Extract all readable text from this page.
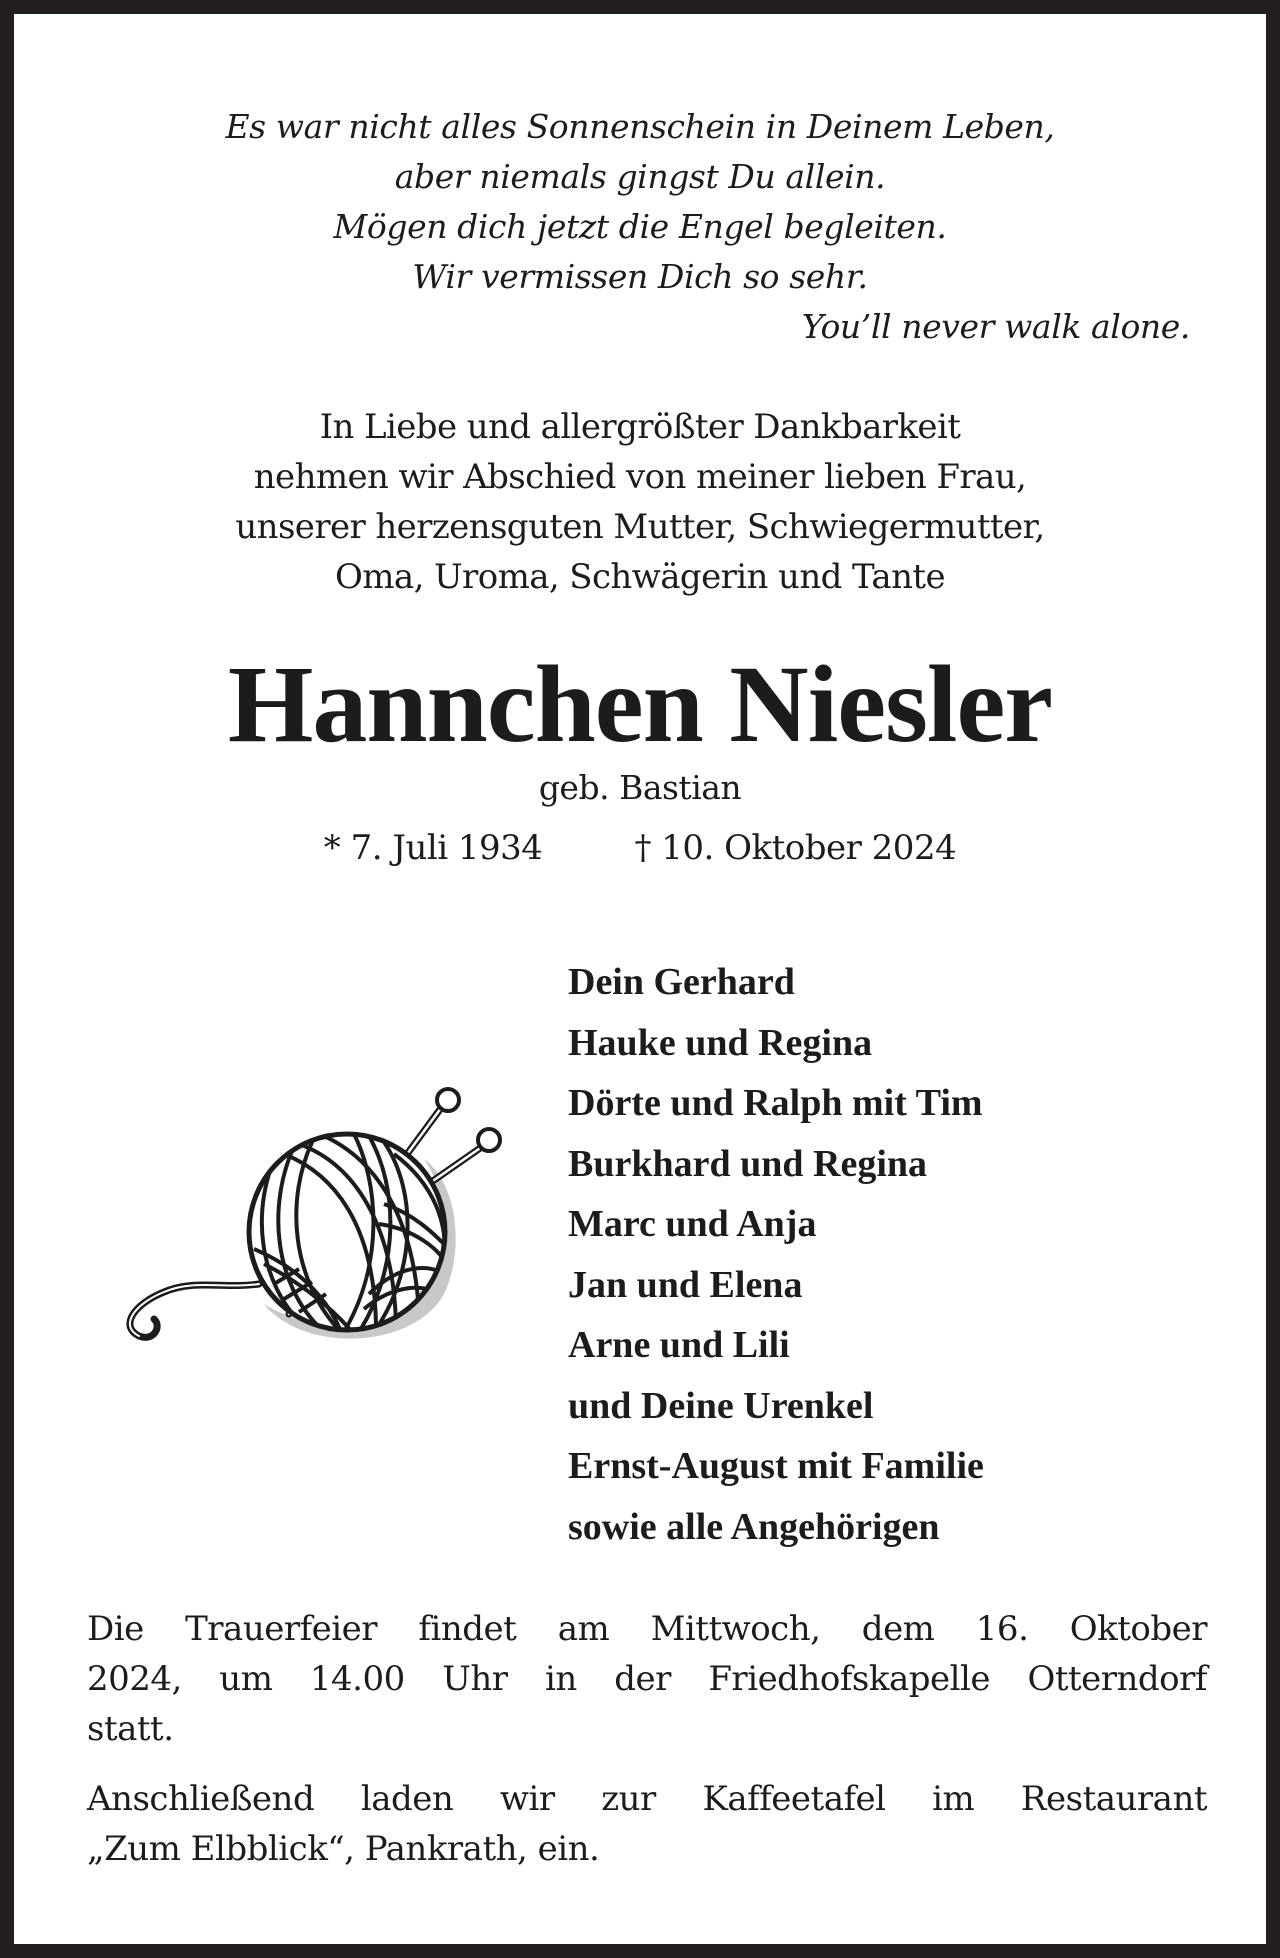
Es war nicht alles Sonnenschein in Deinem Leben,
aber niemals gingst Du allein.
Mögen dich jetzt die Engel begleiten.
Wir vermissen Dich so sehr.
You’ll never walk alone.
In Liebe und allergrößter Dankbarkeit
nehmen wir Abschied von meiner lieben Frau,
unserer herzensguten Mutter, Schwiegermutter,
Oma, Uroma, Schwägerin und Tante
Hannchen Niesler
geb. Bastian
* 7. Juli 1934	† 10. Oktober 2024
Dein Gerhard
Hauke und Regina
Dörte und Ralph mit Tim
Burkhard und Regina
Marc und Anja
Jan und Elena
Arne und Lili
und Deine Urenkel
Ernst-August mit Familie
sowie alle Angehörigen
Die Trauerfeier findet am Mittwoch, dem 16. Oktober
2024, um 14.00 Uhr in der Friedhofskapelle Otterndorf
statt.
Anschließend laden wir zur Kaffeetafel im Restaurant
„Zum Elbblick“, Pankrath, ein.
